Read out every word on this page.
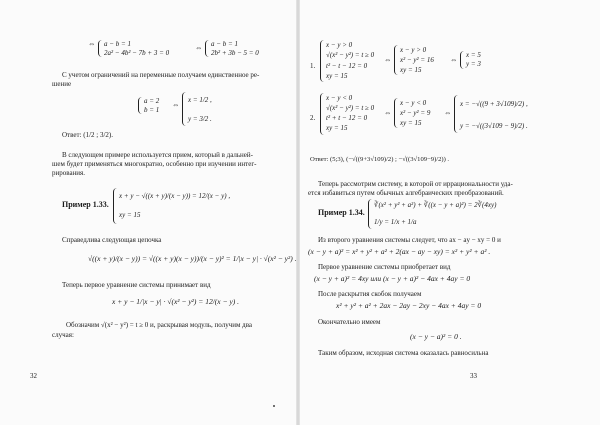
⇔ a − b = 1
2a² − 4b² − 7b + 3 = 0
⇔ a − b = 1
2b² + 3b − 5 = 0
С учетом ограничений на переменные получаем единственное ре-
шение
a = 2
b = 1
⇔ x = 1/2 ,
y = 3/2 .
Ответ: (1/2 ; 3/2).
В следующем примере используется прием, который в дальней-
шем будет применяться многократно, особенно при изучении интег-
рирования.
Пример 1.33.
x + y − √((x + y)/(x − y)) = 12/(x − y) ,
xy = 15
Справедлива следующая цепочка
√((x + y)/(x − y)) = √((x + y)(x − y))/(x − y)² = 1/|x − y| · √(x² − y²) .
Теперь первое уравнение системы принимает вид
x + y − 1/|x − y| · √(x² − y²) = 12/(x − y) .
Обозначим √(x² − y²) = t ≥ 0 и, раскрывая модуль, получим два
случая:
32
1.
x − y > 0
√(x² − y²) = t ≥ 0
t² − t − 12 = 0
xy = 15
⇔
x − y > 0
x² − y² = 16
xy = 15
⇔ x = 5
y = 3
2.
x − y < 0
√(x² − y²) = t ≥ 0
t² + t − 12 = 0
xy = 15
⇔
x − y < 0
x² − y² = 9
xy = 15
⇔
x = −√((9 + 3√109)/2) ,
y = −√((3√109 − 9)/2) .
Ответ: (5;3), (−√((9+3√109)/2) ; −√((3√109−9)/2)) .
Теперь рассмотрим систему, в которой от иррациональности уда-
ется избавиться путем обычных алгебраических преобразований.
Пример 1.34.
∛(x² + y² + a²) + ∛((x − y + a)²) = 2∛(4xy)
1/y = 1/x + 1/a
Из второго уравнения системы следует, что ax − ay − xy = 0 и
(x − y + a)² = x² + y² + a² + 2(ax − ay − xy) = x² + y² + a² .
Первое уравнение системы приобретает вид
(x − y + a)² = 4xy или (x − y + a)² − 4ax + 4ay = 0
После раскрытия скобок получаем
x² + y² + a² + 2ax − 2ay − 2xy − 4ax + 4ay = 0
Окончательно имеем
(x − y − a)² = 0 .
Таким образом, исходная система оказалась равносильна
33
